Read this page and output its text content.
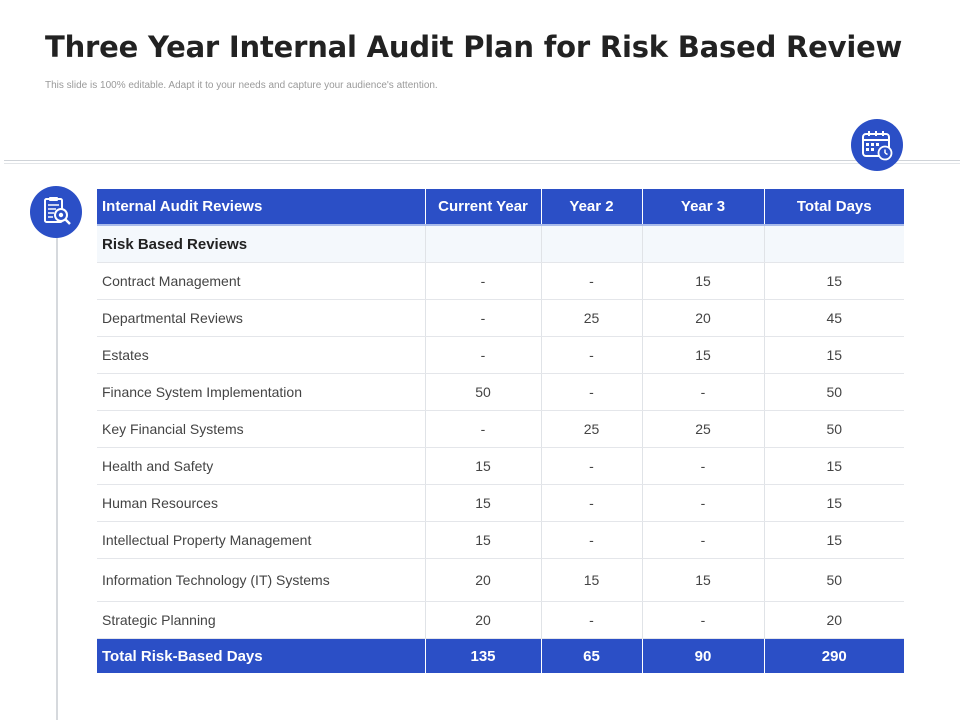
Three Year Internal Audit Plan for Risk Based Review
This slide is 100% editable. Adapt it to your needs and capture your audience's attention.
Internal Audit Reviews	Current Year	Year 2	Year 3	Total Days
Risk Based Reviews				
Contract Management	-	-	15	15
Departmental Reviews	-	25	20	45
Estates	-	-	15	15
Finance System Implementation	50	-	-	50
Key Financial Systems	-	25	25	50
Health and Safety	15	-	-	15
Human Resources	15	-	-	15
Intellectual Property Management	15	-	-	15
Information Technology (IT) Systems	20	15	15	50
Strategic Planning	20	-	-	20
Total Risk-Based Days	135	65	90	290
